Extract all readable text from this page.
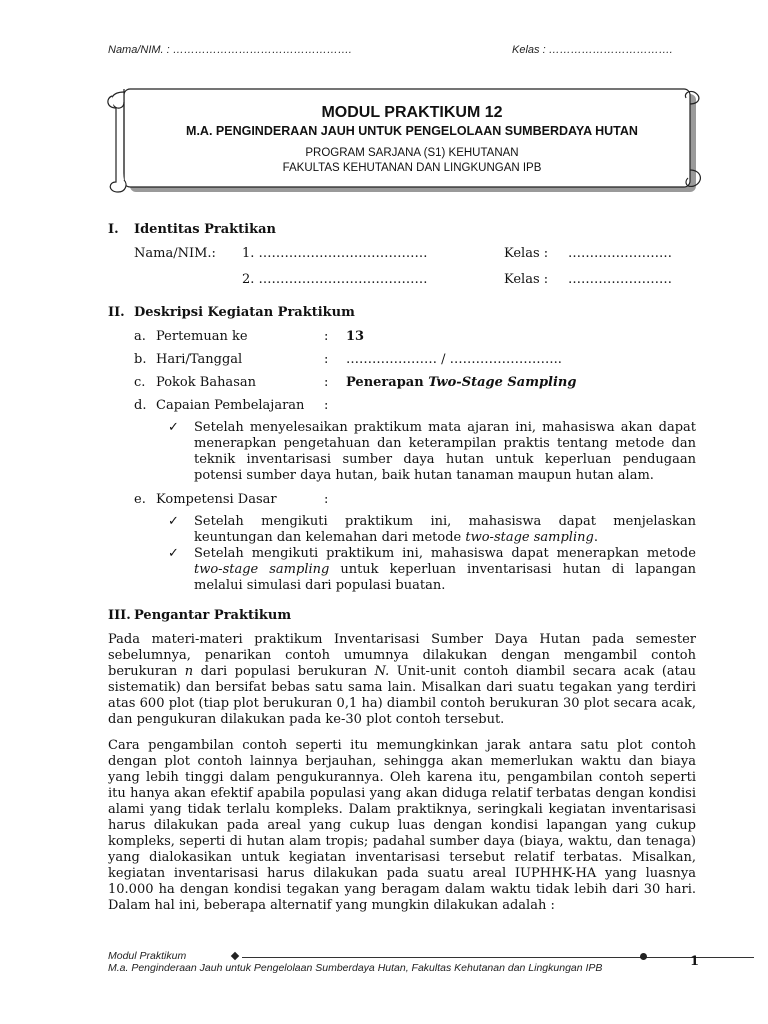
Nama/NIM. : ………………………………………….	Kelas : …………………………….
MODUL PRAKTIKUM 12
M.A. PENGINDERAAN JAUH UNTUK PENGELOLAAN SUMBERDAYA HUTAN
PROGRAM SARJANA (S1) KEHUTANAN
FAKULTAS KEHUTANAN DAN LINGKUNGAN IPB
I. Identitas Praktikan
Nama/NIM.:	1. …………………………………	Kelas :	……………………
2. …………………………………	Kelas :	……………………
II. Deskripsi Kegiatan Praktikum
a. Pertemuan ke	:	13
b. Hari/Tanggal	:	………………… / ……………………..
c. Pokok Bahasan	:	Penerapan Two-Stage Sampling
d. Capaian Pembelajaran	:
✓ Setelah menyelesaikan praktikum mata ajaran ini, mahasiswa akan dapat menerapkan pengetahuan dan keterampilan praktis tentang metode dan teknik inventarisasi sumber daya hutan untuk keperluan pendugaan potensi sumber daya hutan, baik hutan tanaman maupun hutan alam.
e. Kompetensi Dasar	:
✓ Setelah mengikuti praktikum ini, mahasiswa dapat menjelaskan keuntungan dan kelemahan dari metode two-stage sampling.
✓ Setelah mengikuti praktikum ini, mahasiswa dapat menerapkan metode two-stage sampling untuk keperluan inventarisasi hutan di lapangan melalui simulasi dari populasi buatan.
III. Pengantar Praktikum

Pada materi-materi praktikum Inventarisasi Sumber Daya Hutan pada semester sebelumnya, penarikan contoh umumnya dilakukan dengan mengambil contoh berukuran n dari populasi berukuran N. Unit-unit contoh diambil secara acak (atau sistematik) dan bersifat bebas satu sama lain. Misalkan dari suatu tegakan yang terdiri atas 600 plot (tiap plot berukuran 0,1 ha) diambil contoh berukuran 30 plot secara acak, dan pengukuran dilakukan pada ke-30 plot contoh tersebut.

Cara pengambilan contoh seperti itu memungkinkan jarak antara satu plot contoh dengan plot contoh lainnya berjauhan, sehingga akan memerlukan waktu dan biaya yang lebih tinggi dalam pengukurannya. Oleh karena itu, pengambilan contoh seperti itu hanya akan efektif apabila populasi yang akan diduga relatif terbatas dengan kondisi alami yang tidak terlalu kompleks. Dalam praktiknya, seringkali kegiatan inventarisasi harus dilakukan pada areal yang cukup luas dengan kondisi lapangan yang cukup kompleks, seperti di hutan alam tropis; padahal sumber daya (biaya, waktu, dan tenaga) yang dialokasikan untuk kegiatan inventarisasi tersebut relatif terbatas. Misalkan, kegiatan inventarisasi harus dilakukan pada suatu areal IUPHHK-HA yang luasnya 10.000 ha dengan kondisi tegakan yang beragam dalam waktu tidak lebih dari 30 hari. Dalam hal ini, beberapa alternatif yang mungkin dilakukan adalah :

Modul Praktikum
M.a. Penginderaan Jauh untuk Pengelolaan Sumberdaya Hutan, Fakultas Kehutanan dan Lingkungan IPB	1
